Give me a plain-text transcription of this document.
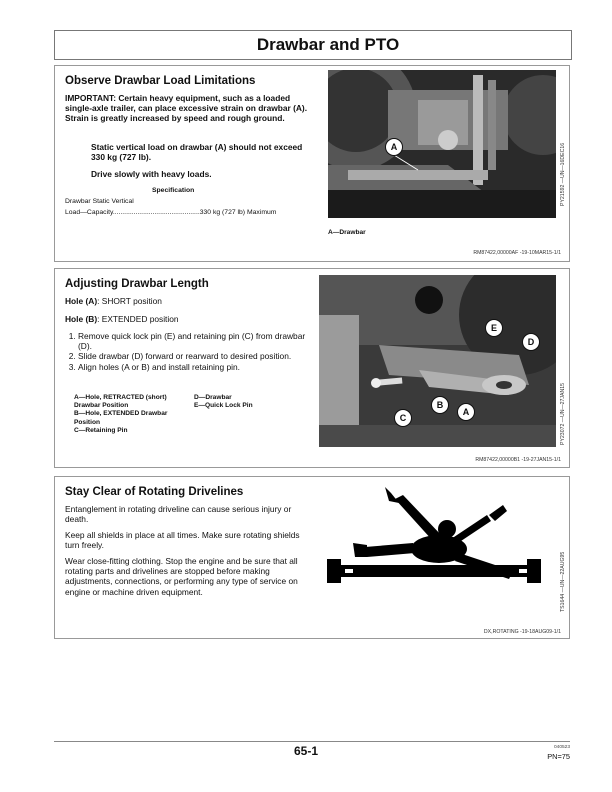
Drawbar and PTO
Observe Drawbar Load Limitations
IMPORTANT: Certain heavy equipment, such as a loaded single-axle trailer, can place excessive strain on drawbar (A). Strain is greatly increased by speed and rough ground.
Static vertical load on drawbar (A) should not exceed 330 kg (727 lb).
Drive slowly with heavy loads.
Specification
Drawbar Static Vertical
Load—Capacity..............................................330 kg (727 lb) Maximum
A	PY21592 —UN—16DEC16
A—Drawbar
RM87422,00000AF -19-10MAR15-1/1
Adjusting Drawbar Length
Hole (A): SHORT position
Hole (B): EXTENDED position
1. Remove quick lock pin (E) and retaining pin (C) from drawbar (D).
2. Slide drawbar (D) forward or rearward to desired position.
3. Align holes (A or B) and install retaining pin.
A—Hole, RETRACTED (short) Drawbar Position
B—Hole, EXTENDED Drawbar Position
C—Retaining Pin
D—Drawbar
E—Quick Lock Pin
E
D
B
A
C	PY23072 —UN—27JAN15
RM87422,00000B1 -19-27JAN15-1/1
Stay Clear of Rotating Drivelines
Entanglement in rotating driveline can cause serious injury or death.
Keep all shields in place at all times. Make sure rotating shields turn freely.
Wear close-fitting clothing. Stop the engine and be sure that all rotating parts and drivelines are stopped before making adjustments, connections, or performing any type of service on engine or machine driven equipment.	TS1644 —UN—22AUG95
DX,ROTATING -19-18AUG09-1/1
65-1	040523
PN=75
